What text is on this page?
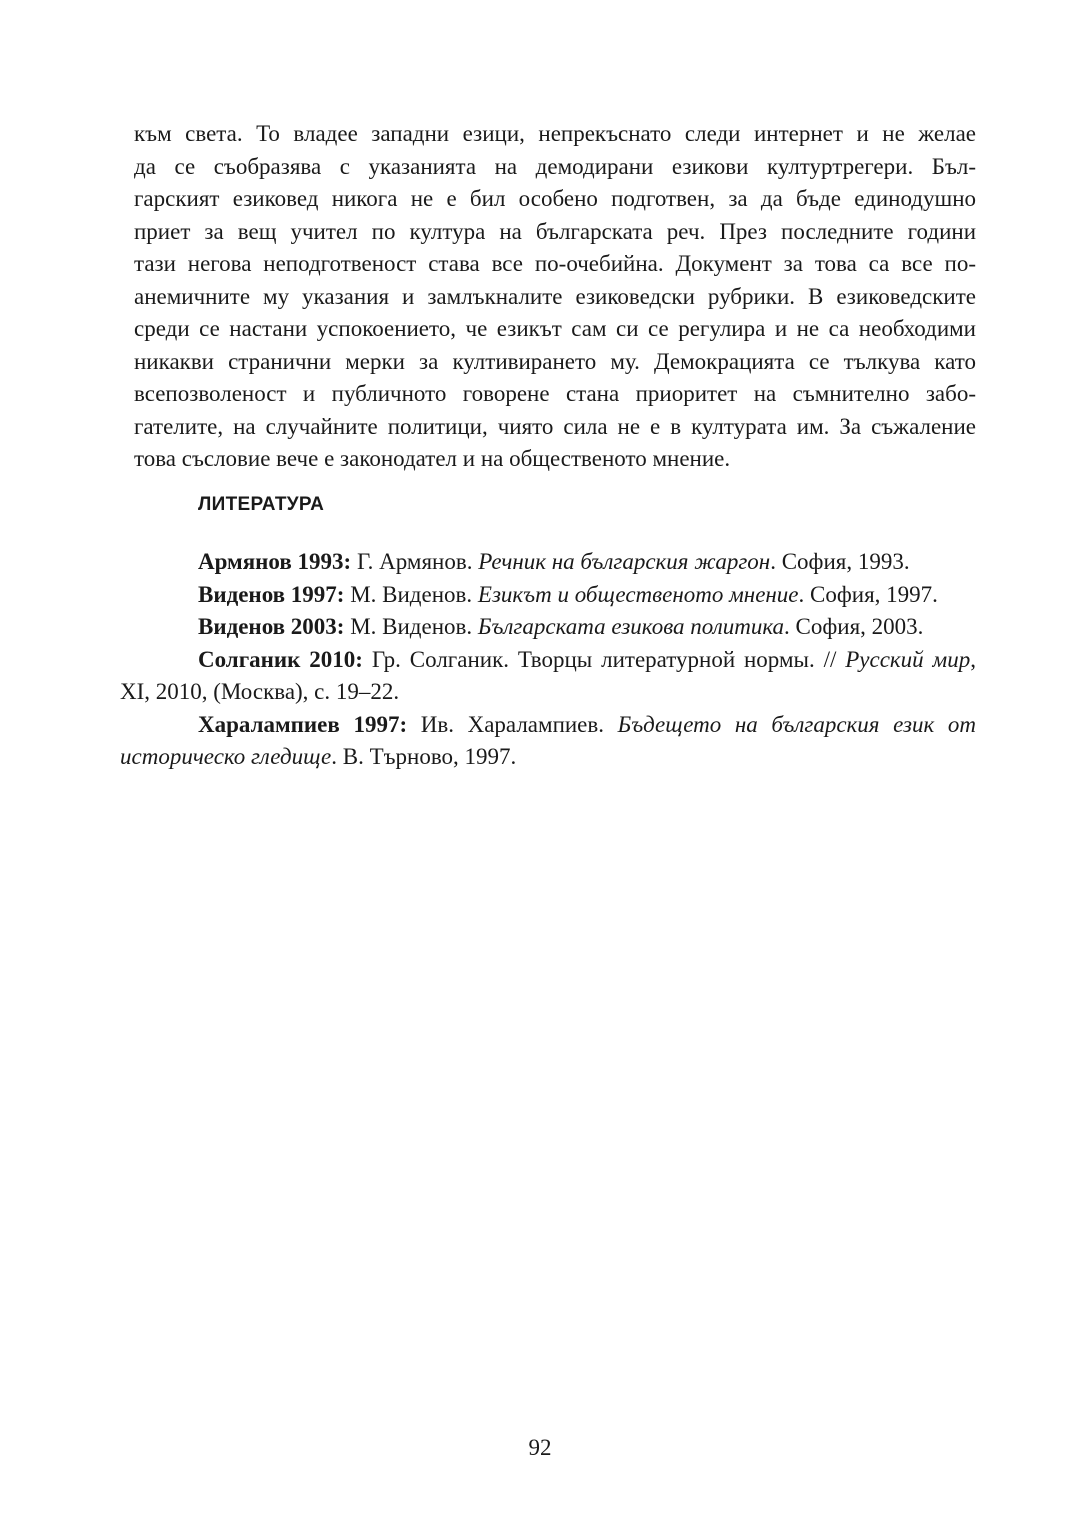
към света. То владее западни езици, непрекъснато следи интернет и не желае
да се съобразява с указанията на демодирани езикови културтрегери. Бъл-
гарският езиковед никога не е бил особено подготвен, за да бъде единодушно
приет за вещ учител по култура на българската реч. През последните години
тази негова неподготвеност става все по-очебийна. Документ за това са все по-
анемичните му указания и замлъкналите езиковедски рубрики. В езиковедските
среди се настани успокоението, че езикът сам си се регулира и не са необходими
никакви странични мерки за култивирането му. Демокрацията се тълкува като
всепозволеност и публичното говорене стана приоритет на съмнително забо-
гателите, на случайните политици, чиято сила не е в културата им. За съжаление
това съсловие вече е законодател и на общественото мнение.
ЛИТЕРАТУРА
Армянов 1993: Г. Армянов. Речник на българския жаргон. София, 1993.
Виденов 1997: М. Виденов. Езикът и общественото мнение. София, 1997.
Виденов 2003: М. Виденов. Българската езикова политика. София, 2003.
Солганик 2010: Гр. Солганик. Творцы литературной нормы. // Русский мир,
XI, 2010, (Москва), с. 19–22.
Харалампиев 1997: Ив. Харалампиев. Бъдещето на българския език от
историческо гледище. В. Търново, 1997.
92
